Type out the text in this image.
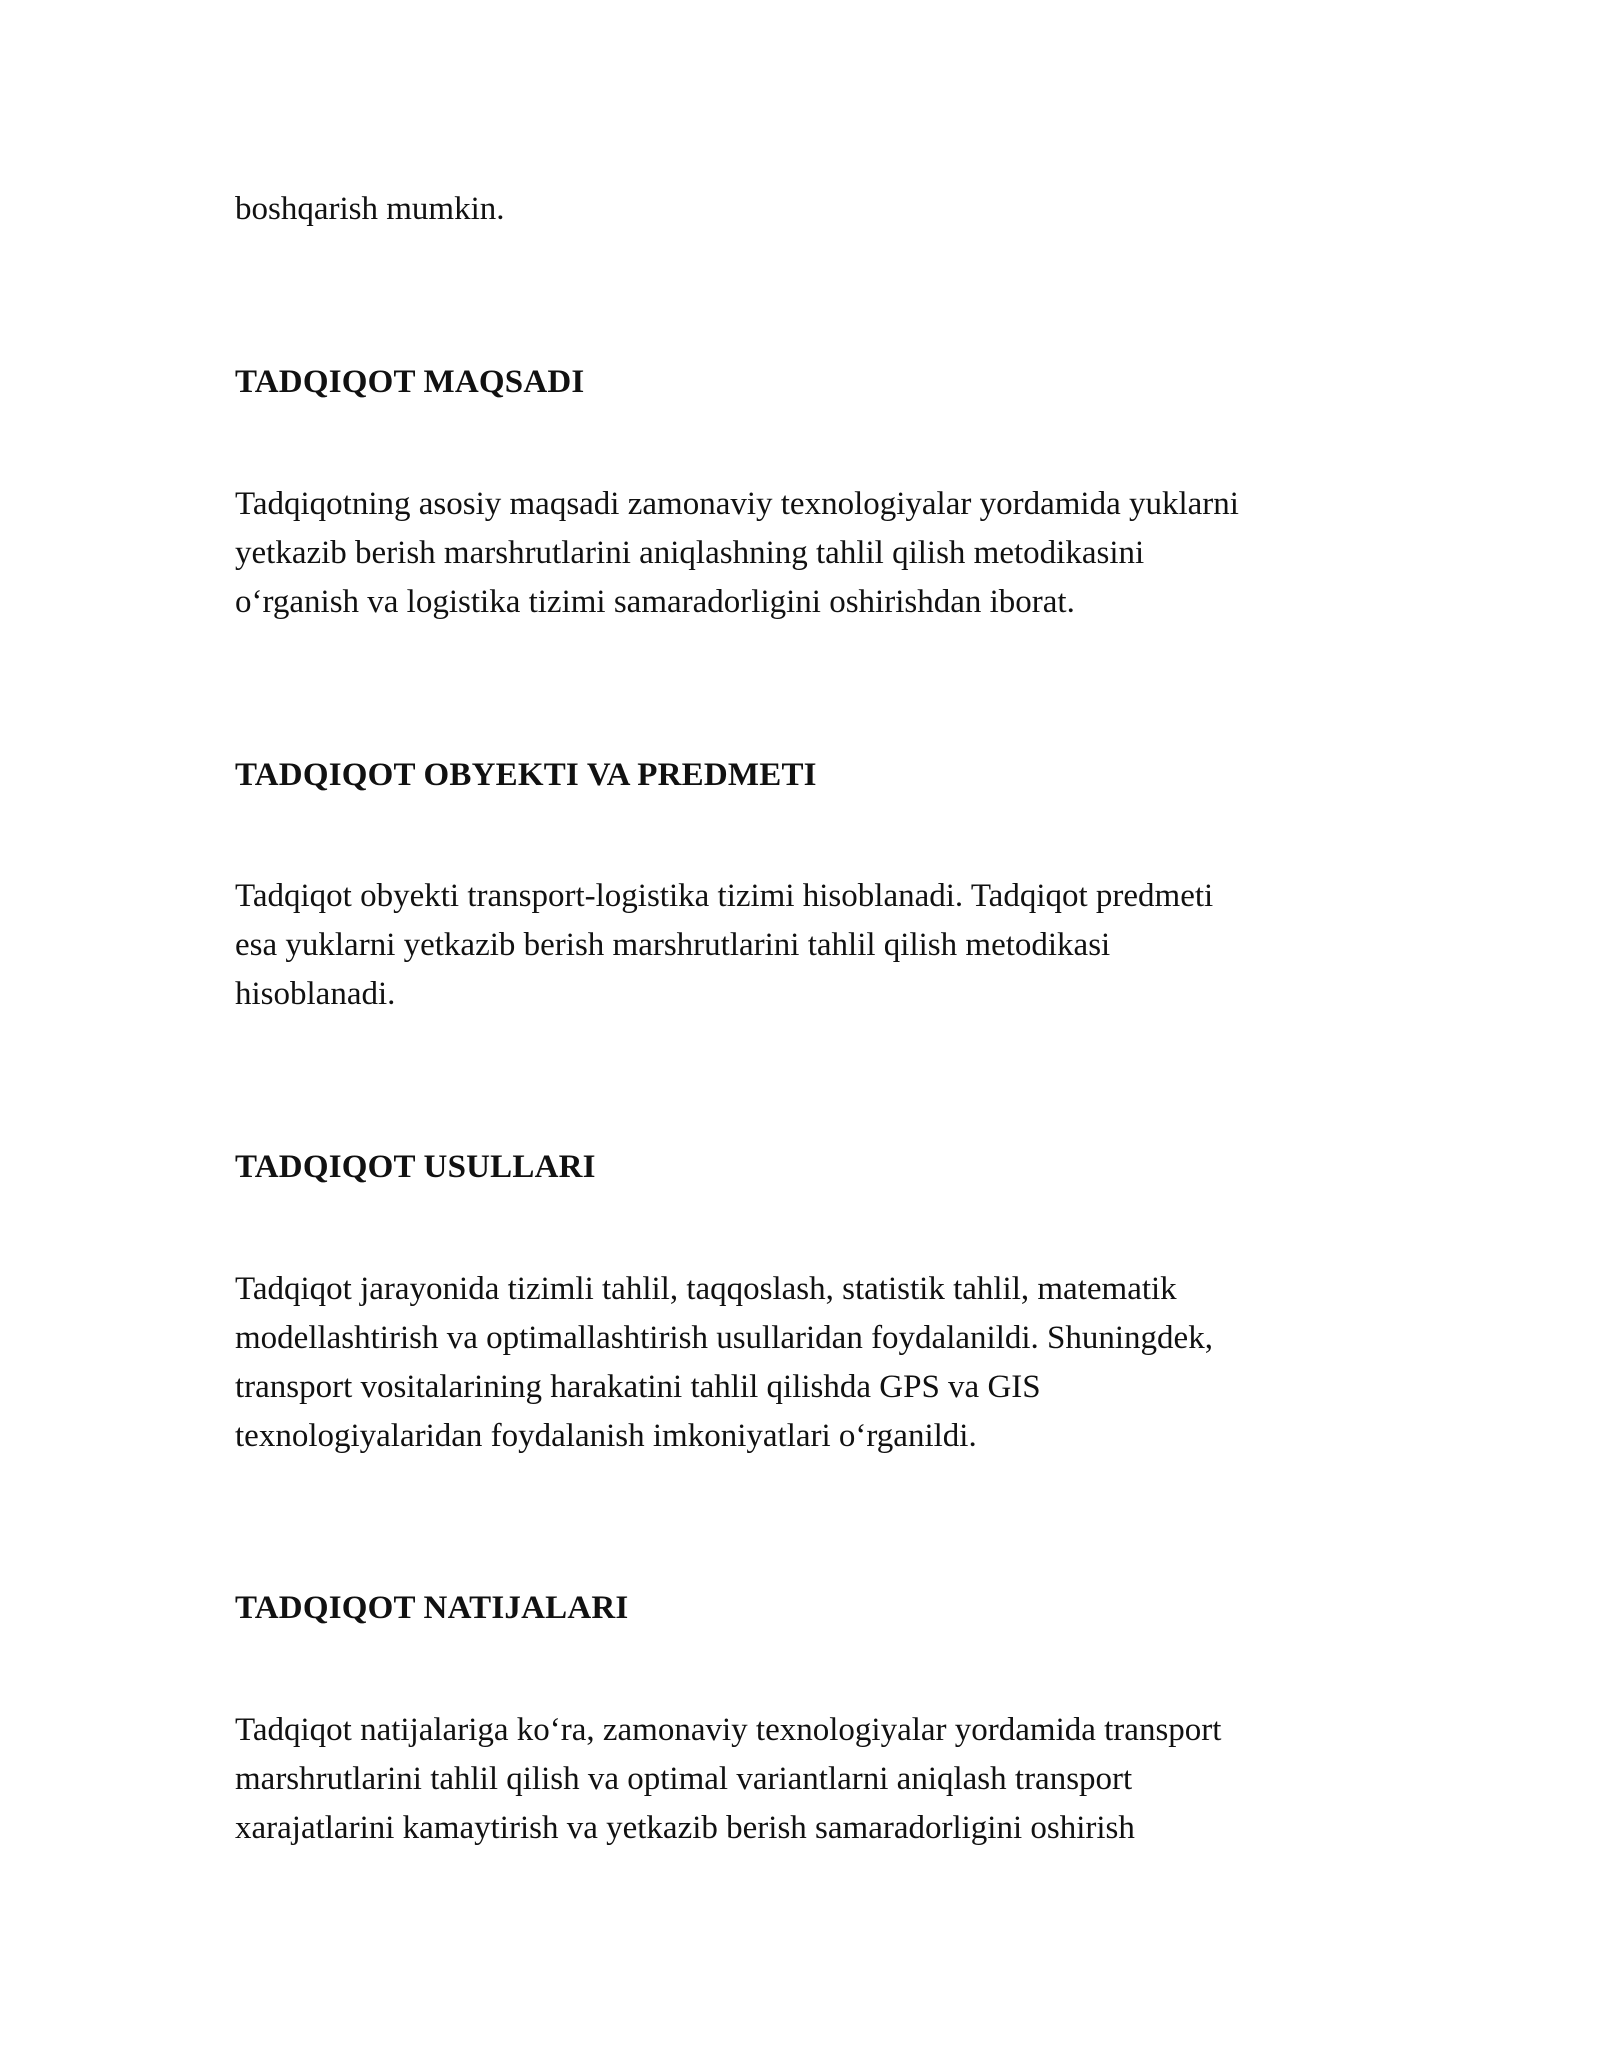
boshqarish mumkin.

TADQIQOT MAQSADI

Tadqiqotning asosiy maqsadi zamonaviy texnologiyalar yordamida yuklarni

yetkazib berish marshrutlarini aniqlashning tahlil qilish metodikasini

o‘rganish va logistika tizimi samaradorligini oshirishdan iborat.

TADQIQOT OBYEKTI VA PREDMETI

Tadqiqot obyekti transport-logistika tizimi hisoblanadi. Tadqiqot predmeti

esa yuklarni yetkazib berish marshrutlarini tahlil qilish metodikasi

hisoblanadi.

TADQIQOT USULLARI

Tadqiqot jarayonida tizimli tahlil, taqqoslash, statistik tahlil, matematik

modellashtirish va optimallashtirish usullaridan foydalanildi. Shuningdek,

transport vositalarining harakatini tahlil qilishda GPS va GIS

texnologiyalaridan foydalanish imkoniyatlari o‘rganildi.

TADQIQOT NATIJALARI

Tadqiqot natijalariga ko‘ra, zamonaviy texnologiyalar yordamida transport

marshrutlarini tahlil qilish va optimal variantlarni aniqlash transport

xarajatlarini kamaytirish va yetkazib berish samaradorligini oshirish
